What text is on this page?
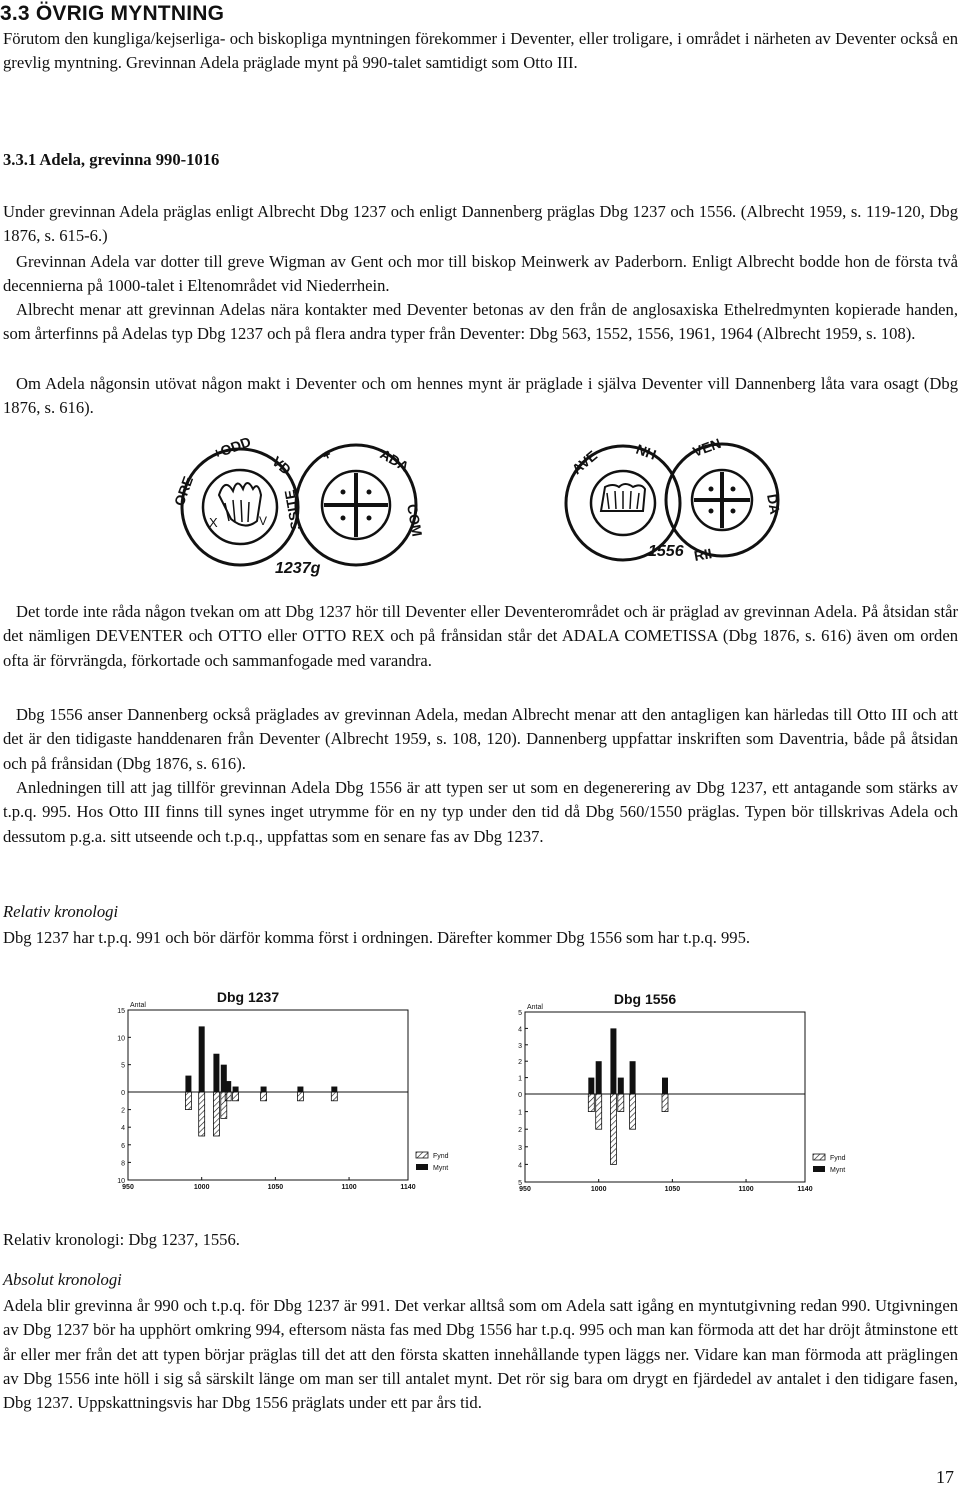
3.3 ÖVRIG MYNTNING

Förutom den kungliga/kejserliga- och biskopliga myntningen förekommer i Deventer, eller troligare, i området i närheten av Deventer också en grevlig myntning. Grevinnan Adela präglade mynt på 990-talet samtidigt som Otto III.

3.3.1 Adela, grevinna 990-1016

Under grevinnan Adela präglas enligt Albrecht Dbg 1237 och enligt Dannenberg präglas Dbg 1237 och 1556. (Albrecht 1959, s. 119-120, Dbg 1876, s. 615-6.)

Grevinnan Adela var dotter till greve Wigman av Gent och mor till biskop Meinwerk av Paderborn. Enligt Albrecht bodde hon de första två decennierna på 1000-talet i Eltenområdet vid Niederrhein.

Albrecht menar att grevinnan Adelas nära kontakter med Deventer betonas av den från de anglosaxiska Ethelredmynten kopierade handen, som årterfinns på Adelas typ Dbg 1237 och på flera andra typer från Deventer: Dbg 563, 1552, 1556, 1961, 1964 (Albrecht 1959, s. 108).

Om Adela någonsin utövat någon makt i Deventer och om hennes mynt är präglade i själva Deventer vill Dannenberg låta vara osagt (Dbg 1876, s. 616).

X	V
ORE
+ODD
VD +	ADA
COM
SSITE
1237g
AVE NH VEN
DA
RII
1556

Det torde inte råda någon tvekan om att Dbg 1237 hör till Deventer eller Deventerområdet och är präglad av grevinnan Adela. På åtsidan står det nämligen DEVENTER och OTTO eller OTTO REX och på frånsidan står det ADALA COMETISSA (Dbg 1876, s. 616) även om orden ofta är förvrängda, förkortade och sammanfogade med varandra.

Dbg 1556 anser Dannenberg också präglades av grevinnan Adela, medan Albrecht menar att den antagligen kan härledas till Otto III och att det är den tidigaste handdenaren från Deventer (Albrecht 1959, s. 108, 120). Dannenberg uppfattar inskriften som Daventria, både på åtsidan och på frånsidan (Dbg 1876, s. 616).

Anledningen till att jag tillför grevinnan Adela Dbg 1556 är att typen ser ut som en degenerering av Dbg 1237, ett antagande som stärks av t.p.q. 995. Hos Otto III finns till synes inget utrymme för en ny typ under den tid då Dbg 560/1550 präglas. Typen bör tillskrivas Adela och dessutom p.g.a. sitt utseende och t.p.q., uppfattas som en senare fas av Dbg 1237.

Relativ kronologi

Dbg 1237 har t.p.q. 991 och bör därför komma först i ordningen. Därefter kommer Dbg 1556 som har t.p.q. 995.

Dbg 1237
Antal
15
10
5
0
2
4
6
8
10
950	1000	1050	1100	1140
Fynd
Mynt
Dbg 1556
Antal
5
4
3
2
1
0
1
2
3
4
5
950	1000	1050	1100	1140
Fynd
Mynt

Relativ kronologi: Dbg 1237, 1556.

Absolut kronologi

Adela blir grevinna år 990 och t.p.q. för Dbg 1237 är 991. Det verkar alltså som om Adela satt igång en myntutgivning redan 990. Utgivningen av Dbg 1237 bör ha upphört omkring 994, eftersom nästa fas med Dbg 1556 har t.p.q. 995 och man kan förmoda att det har dröjt åtminstone ett år eller mer från det att typen börjar präglas till det att den första skatten innehållande typen läggs ner. Vidare kan man förmoda att präglingen av Dbg 1556 inte höll i sig så särskilt länge om man ser till antalet mynt. Det rör sig bara om drygt en fjärdedel av antalet i den tidigare fasen, Dbg 1237. Uppskattningsvis har Dbg 1556 präglats under ett par års tid.

17
